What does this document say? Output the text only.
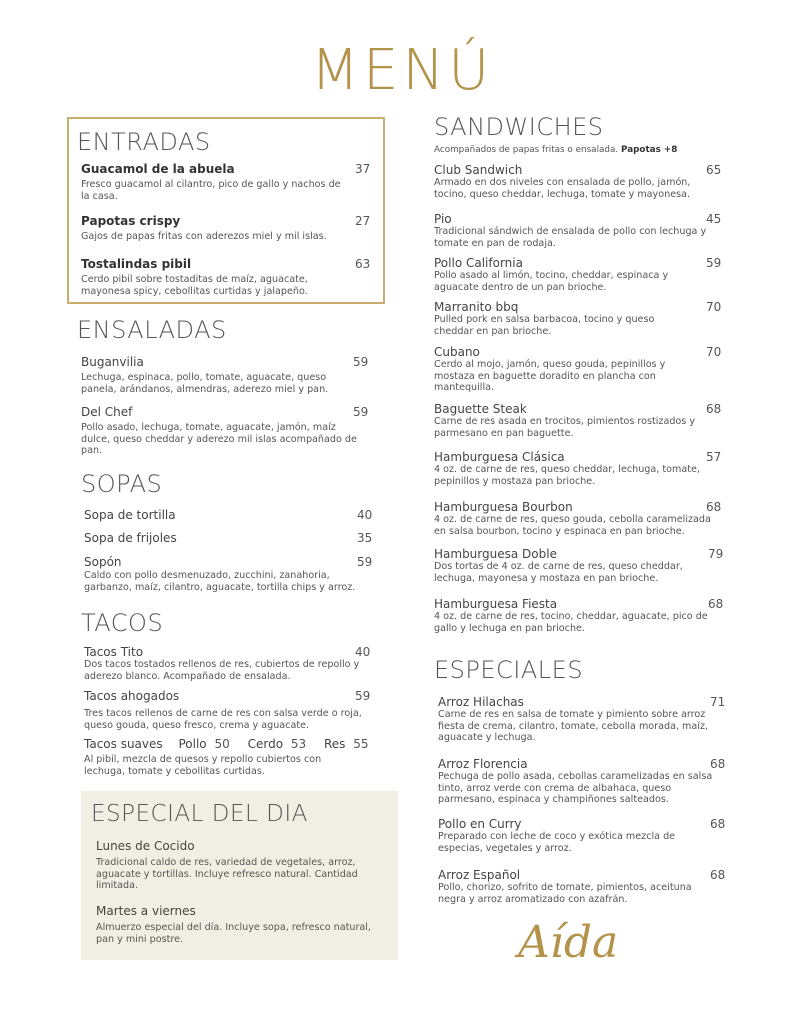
MENÚ
ENTRADAS
Guacamol de la abuela	37
Fresco guacamol al cilantro, pico de gallo y nachos de la casa.
Papotas crispy	27
Gajos de papas fritas con aderezos miel y mil islas.
Tostalindas pibil	63
Cerdo pibil sobre tostaditas de maíz, aguacate, mayonesa spicy, cebollitas curtidas y jalapeño.
ENSALADAS
Buganvilia	59
Lechuga, espinaca, pollo, tomate, aguacate, queso panela, arándanos, almendras, aderezo miel y pan.
Del Chef	59
Pollo asado, lechuga, tomate, aguacate, jamón, maíz dulce, queso cheddar y aderezo mil islas acompañado de pan.
SOPAS
Sopa de tortilla	40
Sopa de frijoles	35
Sopón	59
Caldo con pollo desmenuzado, zucchini, zanahoria, garbanzo, maíz, cilantro, aguacate, tortilla chips y arroz.
TACOS
Tacos Tito	40
Dos tacos tostados rellenos de res, cubiertos de repollo y aderezo blanco. Acompañado de ensalada.
Tacos ahogados	59
Tres tacos rellenos de carne de res con salsa verde o roja, queso gouda, queso fresco, crema y aguacate.
Tacos suaves Pollo 50 Cerdo 53 Res 55
Al pibil, mezcla de quesos y repollo cubiertos con lechuga, tomate y cebollitas curtidas.
ESPECIAL DEL DIA
Lunes de Cocido
Tradicional caldo de res, variedad de vegetales, arroz, aguacate y tortillas. Incluye refresco natural. Cantidad limitada.
Martes a viernes
Almuerzo especial del día. Incluye sopa, refresco natural, pan y mini postre.
SANDWICHES
Acompañados de papas fritas o ensalada. Papotas +8
Club Sandwich	65
Armado en dos niveles con ensalada de pollo, jamón, tocino, queso cheddar, lechuga, tomate y mayonesa.
Pio	45
Tradicional sándwich de ensalada de pollo con lechuga y tomate en pan de rodaja.
Pollo California	59
Pollo asado al limón, tocino, cheddar, espinaca y aguacate dentro de un pan brioche.
Marranito bbq	70
Pulled pork en salsa barbacoa, tocino y queso cheddar en pan brioche.
Cubano	70
Cerdo al mojo, jamón, queso gouda, pepinillos y mostaza en baguette doradito en plancha con mantequilla.
Baguette Steak	68
Carne de res asada en trocitos, pimientos rostizados y parmesano en pan baguette.
Hamburguesa Clásica	57
4 oz. de carne de res, queso cheddar, lechuga, tomate, pepinillos y mostaza pan brioche.
Hamburguesa Bourbon	68
4 oz. de carne de res, queso gouda, cebolla caramelizada en salsa bourbon, tocino y espinaca en pan brioche.
Hamburguesa Doble	79
Dos tortas de 4 oz. de carne de res, queso cheddar, lechuga, mayonesa y mostaza en pan brioche.
Hamburguesa Fiesta	68
4 oz. de carne de res, tocino, cheddar, aguacate, pico de gallo y lechuga en pan brioche.
ESPECIALES
Arroz Hilachas	71
Carne de res en salsa de tomate y pimiento sobre arroz fiesta de crema, cilantro, tomate, cebolla morada, maíz, aguacate y lechuga.
Arroz Florencia	68
Pechuga de pollo asada, cebollas caramelizadas en salsa tinto, arroz verde con crema de albahaca, queso parmesano, espinaca y champiñones salteados.
Pollo en Curry	68
Preparado con leche de coco y exótica mezcla de especias, vegetales y arroz.
Arroz Español	68
Pollo, chorizo, sofrito de tomate, pimientos, aceituna negra y arroz aromatizado con azafrán.
Aída
